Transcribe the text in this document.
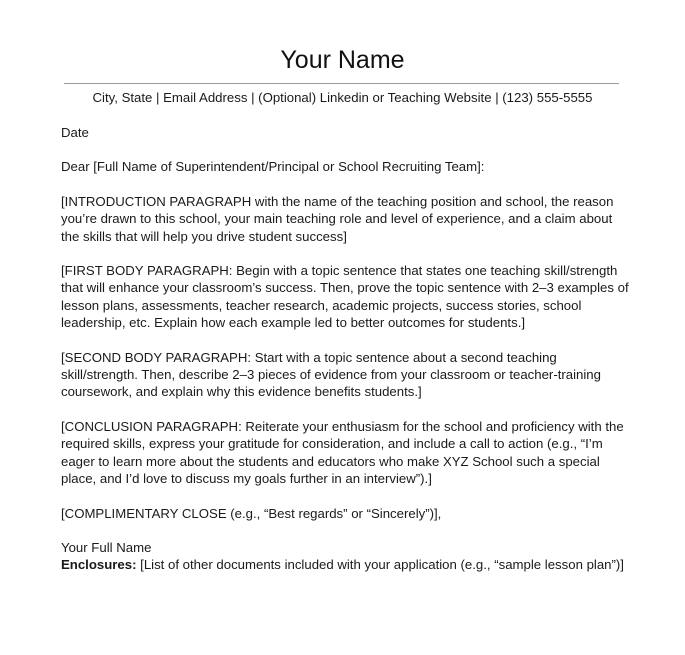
Your Name
City, State | Email Address | (Optional) Linkedin or Teaching Website | (123) 555-5555

Date

Dear [Full Name of Superintendent/Principal or School Recruiting Team]:

[INTRODUCTION PARAGRAPH with the name of the teaching position and school, the reason you’re drawn to this school, your main teaching role and level of experience, and a claim about the skills that will help you drive student success]

[FIRST BODY PARAGRAPH: Begin with a topic sentence that states one teaching skill/strength that will enhance your classroom’s success. Then, prove the topic sentence with 2–3 examples of lesson plans, assessments, teacher research, academic projects, success stories, school leadership, etc. Explain how each example led to better outcomes for students.]

[SECOND BODY PARAGRAPH: Start with a topic sentence about a second teaching skill/strength. Then, describe 2–3 pieces of evidence from your classroom or teacher-training coursework, and explain why this evidence benefits students.]

[CONCLUSION PARAGRAPH: Reiterate your enthusiasm for the school and proficiency with the required skills, express your gratitude for consideration, and include a call to action (e.g., “I’m eager to learn more about the students and educators who make XYZ School such a special place, and I’d love to discuss my goals further in an interview”).]

[COMPLIMENTARY CLOSE (e.g., “Best regards” or “Sincerely”)],

Your Full Name

Enclosures: [List of other documents included with your application (e.g., “sample lesson plan”)]
